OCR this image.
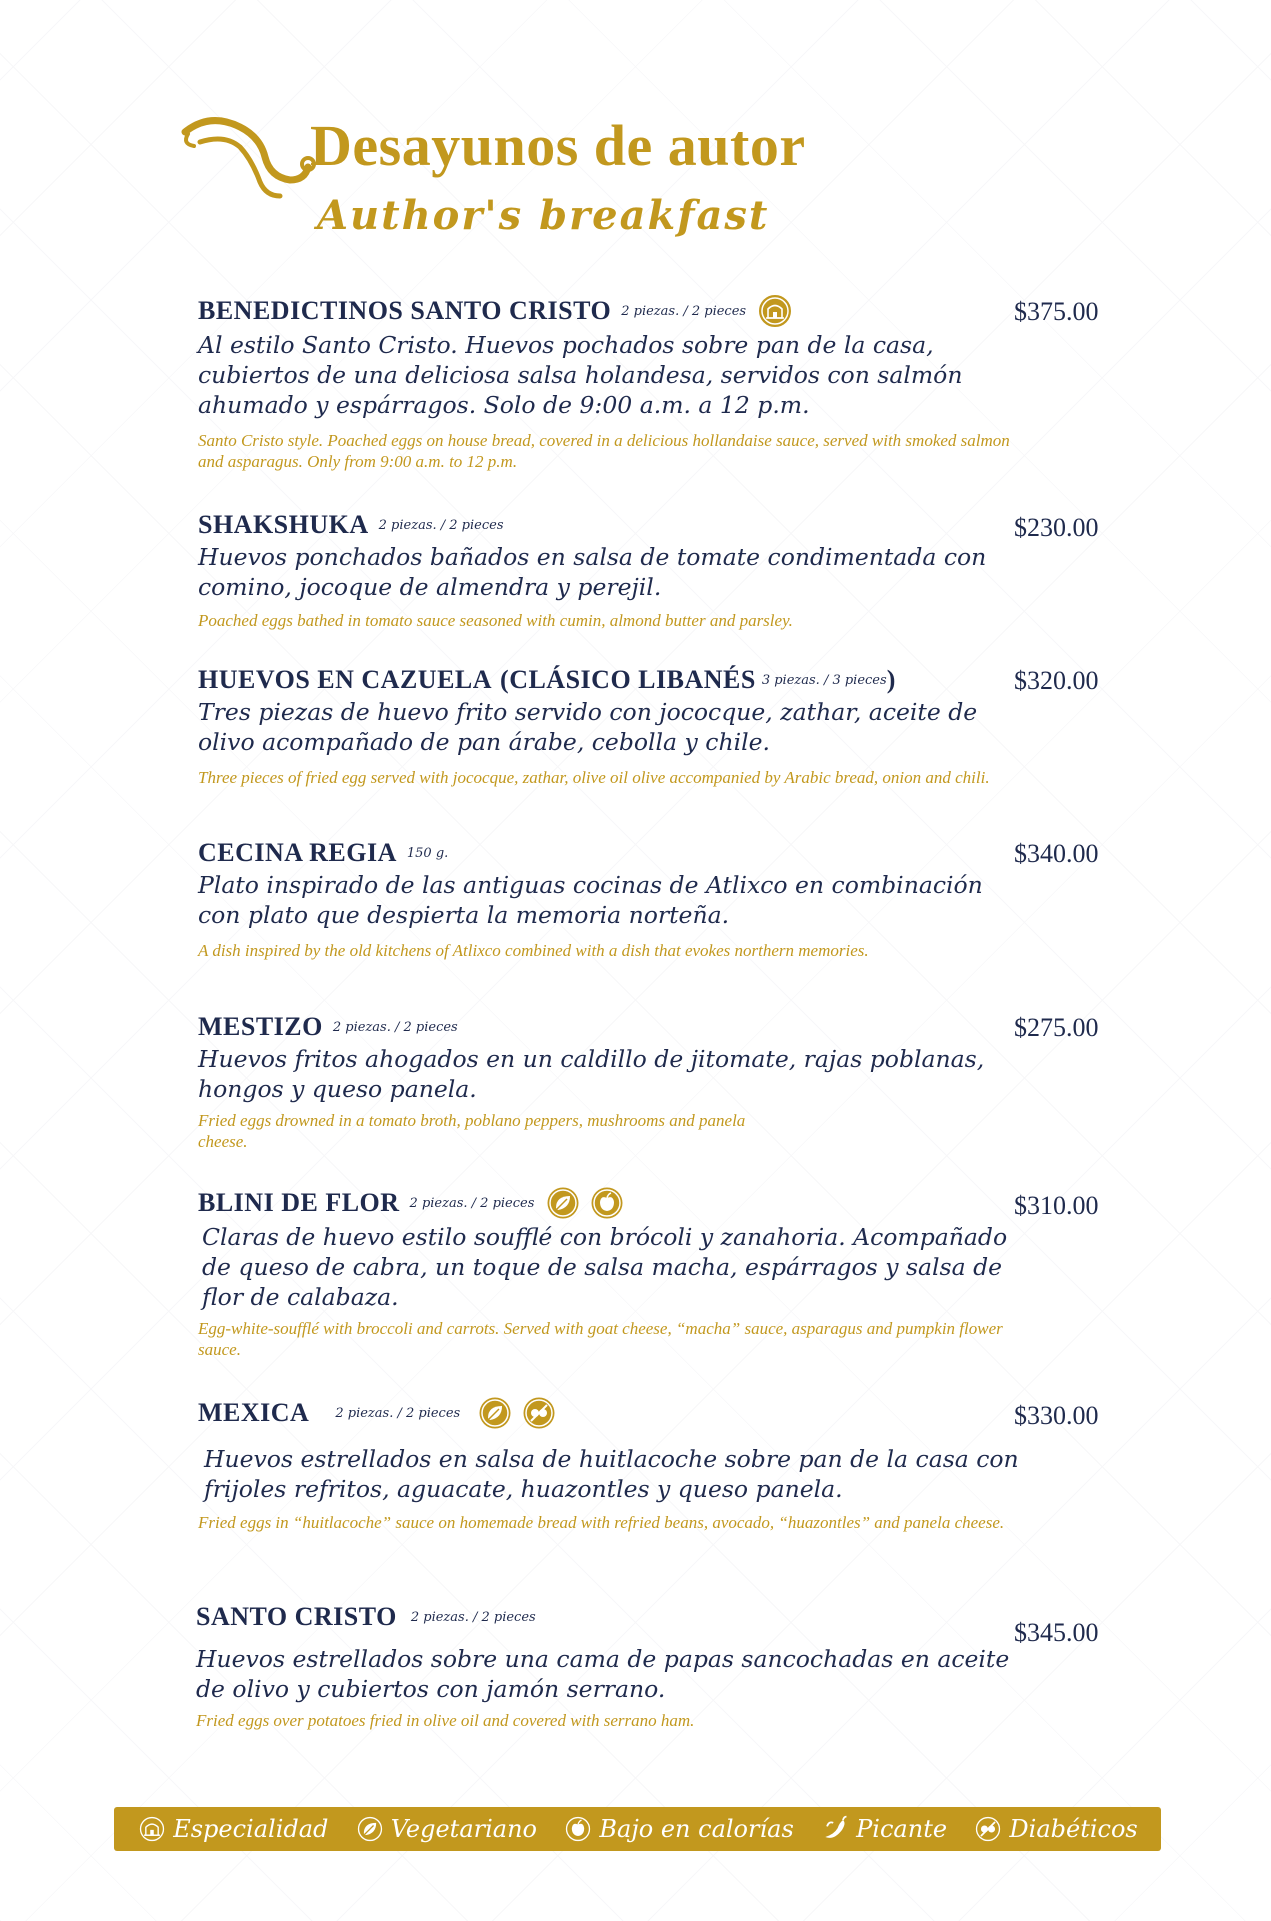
Desayunos de autor
Author's breakfast
BENEDICTINOS SANTO CRISTO 2 piezas. / 2 pieces

Al estilo Santo Cristo. Huevos pochados sobre pan de la casa, cubiertos de una deliciosa salsa holandesa, servidos con salmón ahumado y espárragos. Solo de 9:00 a.m. a 12 p.m.

Santo Cristo style. Poached eggs on house bread, covered in a delicious hollandaise sauce, served with smoked salmon and asparagus. Only from 9:00 a.m. to 12 p.m.

$375.00
SHAKSHUKA 2 piezas. / 2 pieces

Huevos ponchados bañados en salsa de tomate condimentada con comino, jocoque de almendra y perejil.

Poached eggs bathed in tomato sauce seasoned with cumin, almond butter and parsley.

$230.00
HUEVOS EN CAZUELA (CLÁSICO LIBANÉS 3 piezas. / 3 pieces )

Tres piezas de huevo frito servido con jococque, zathar, aceite de olivo acompañado de pan árabe, cebolla y chile.

Three pieces of fried egg served with jococque, zathar, olive oil olive accompanied by Arabic bread, onion and chili.

$320.00
CECINA REGIA 150 g.

Plato inspirado de las antiguas cocinas de Atlixco en combinación con plato que despierta la memoria norteña.

A dish inspired by the old kitchens of Atlixco combined with a dish that evokes northern memories.

$340.00
MESTIZO 2 piezas. / 2 pieces

Huevos fritos ahogados en un caldillo de jitomate, rajas poblanas, hongos y queso panela.

Fried eggs drowned in a tomato broth, poblano peppers, mushrooms and panela cheese.

$275.00
BLINI DE FLOR 2 piezas. / 2 pieces

Claras de huevo estilo soufflé con brócoli y zanahoria. Acompañado de queso de cabra, un toque de salsa macha, espárragos y salsa de flor de calabaza.

Egg-white-soufflé with broccoli and carrots. Served with goat cheese, “macha” sauce, asparagus and pumpkin flower sauce.

$310.00
MEXICA 2 piezas. / 2 pieces

Huevos estrellados en salsa de huitlacoche sobre pan de la casa con frijoles refritos, aguacate, huazontles y queso panela.

Fried eggs in “huitlacoche” sauce on homemade bread with refried beans, avocado, “huazontles” and panela cheese.

$330.00
SANTO CRISTO 2 piezas. / 2 pieces

Huevos estrellados sobre una cama de papas sancochadas en aceite de olivo y cubiertos con jamón serrano.

Fried eggs over potatoes fried in olive oil and covered with serrano ham.

$345.00
Especialidad	Vegetariano	Bajo en calorías	Picante	Diabéticos
